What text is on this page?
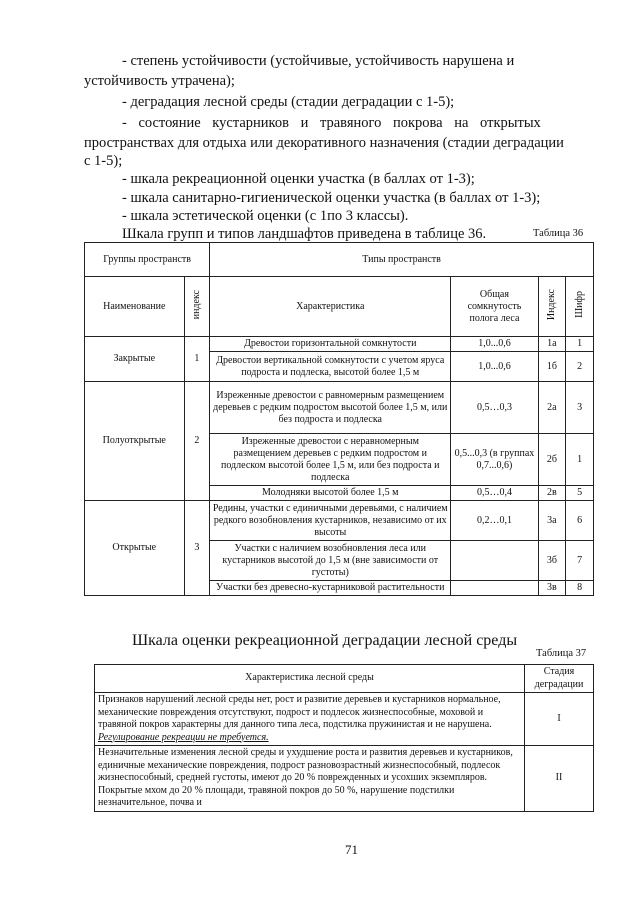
- степень устойчивости (устойчивые, устойчивость нарушена и
устойчивость утрачена);
- деградация лесной среды (стадии деградации с 1-5);
- состояние кустарников и травяного покрова на открытых
пространствах для отдыха или декоративного назначения (стадии деградации
с 1-5);
- шкала рекреационной оценки участка (в баллах от 1-3);
- шкала санитарно-гигиенической оценки участка (в баллах от 1-3);
- шкала эстетической оценки (с 1по 3 классы).
Шкала групп и типов ландшафтов приведена в таблице 36.	Таблица 36
Группы пространств		Типы пространств			
Наименование	индекс	Характеристика	Общая сомкнутость полога леса	Индекс	Шифр
Закрытые	1	Древостои горизонтальной сомкнутости	1,0...0,6	1а	1
		Древостои вертикальной сомкнутости с учетом яруса подроста и подлеска, высотой более 1,5 м	1,0...0,6	1б	2
Полуоткрытые	2	Изреженные древостои с равномерным размещением деревьев с редким подростом высотой более 1,5 м, или без подроста и подлеска	0,5…0,3	2а	3
		Изреженные древостои с неравномерным размещением деревьев с редким подростом и подлеском высотой более 1,5 м, или без подроста и подлеска	0,5...0,3 (в группах 0,7...0,6)	2б	1
		Молодняки высотой более 1,5 м	0,5…0,4	2в	5
Открытые	3	Редины, участки с единичными деревьями, с наличием редкого возобновления кустарников, независимо от их высоты	0,2…0,1	3а	6
		Участки с наличием возобновления леса или кустарников высотой до 1,5 м (вне зависимости от густоты)		3б	7
		Участки без древесно-кустарниковой растительности		3в	8
Шкала оценки рекреационной деградации лесной среды
Таблица 37
Характеристика лесной среды	Стадия деградации
Признаков нарушений лесной среды нет, рост и развитие деревьев и кустарников нормальное, механические повреждения отсутствуют, подрост и подлесок жизнеспособные, моховой и травяной покров характерны для данного типа леса, подстилка пружинистая и не нарушена.
Регулирование рекреации не требуется.	I
Незначительные изменения лесной среды и ухудшение роста и развития деревьев и кустарников, единичные механические повреждения, подрост разновозрастный жизнеспособный, подлесок жизнеспособный, средней густоты, имеют до 20 % поврежденных и усохших экземпляров. Покрытые мхом до 20 % площади, травяной покров до 50 %, нарушение подстилки незначительное, почва и	II
71
